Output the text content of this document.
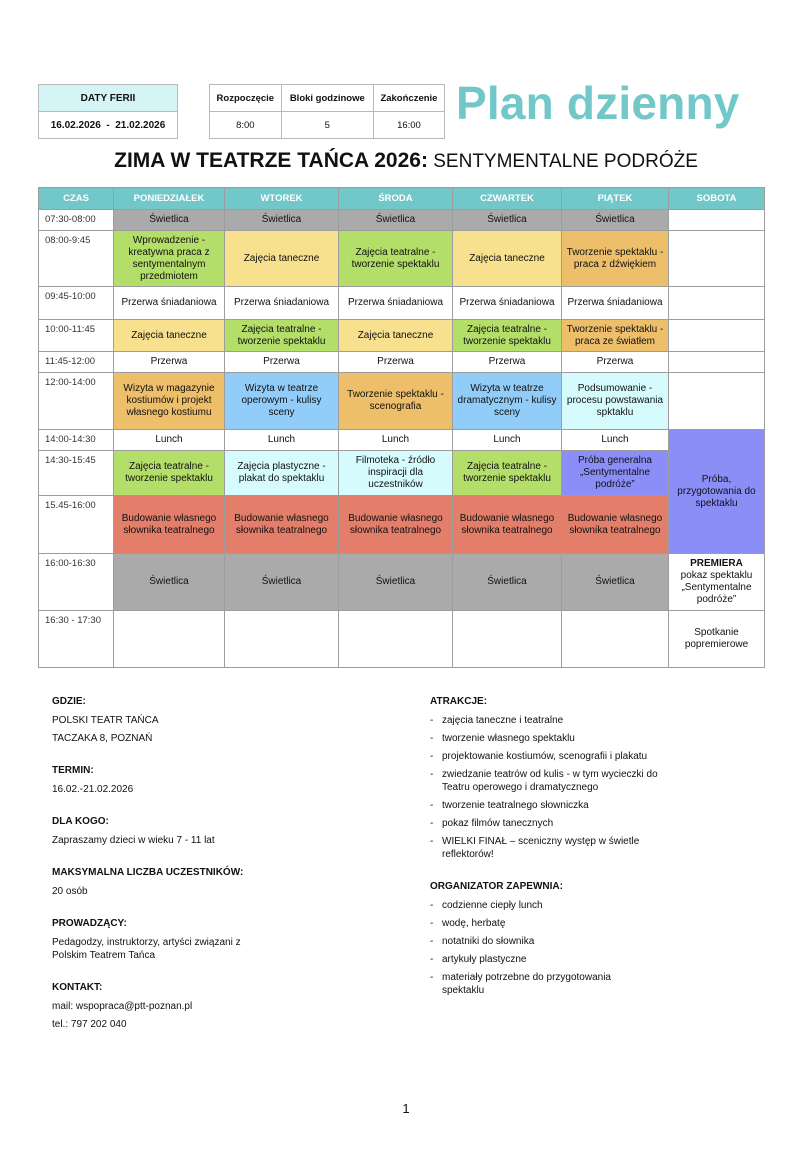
DATY FERII
16.02.2026 - 21.02.2026
Rozpoczęcie	Bloki godzinowe	Zakończenie
8:00	5	16:00 Plan dzienny
ZIMA W TEATRZE TAŃCA 2026: SENTYMENTALNE PODRÓŻE
CZAS	PONIEDZIAŁEK	WTOREK	ŚRODA	CZWARTEK	PIĄTEK	SOBOTA
07:30-08:00	Świetlica	Świetlica	Świetlica	Świetlica	Świetlica	
08:00-9:45	Wprowadzenie - kreatywna praca z sentymentalnym przedmiotem	Zajęcia taneczne	Zajęcia teatralne - tworzenie spektaklu	Zajęcia taneczne	Tworzenie spektaklu - praca z dźwiękiem	
09:45-10:00	Przerwa śniadaniowa	Przerwa śniadaniowa	Przerwa śniadaniowa	Przerwa śniadaniowa	Przerwa śniadaniowa	
10:00-11:45	Zajęcia taneczne	Zajęcia teatralne - tworzenie spektaklu	Zajęcia taneczne	Zajęcia teatralne - tworzenie spektaklu	Tworzenie spektaklu - praca ze światłem	
11:45-12:00	Przerwa	Przerwa	Przerwa	Przerwa	Przerwa	
12:00-14:00	Wizyta w magazynie kostiumów i projekt własnego kostiumu	Wizyta w teatrze operowym - kulisy sceny	Tworzenie spektaklu - scenografia	Wizyta w teatrze dramatycznym - kulisy sceny	Podsumowanie - procesu powstawania spktaklu	
14:00-14:30	Lunch	Lunch	Lunch	Lunch	Lunch	Próba, przygotowania do spektaklu
14:30-15:45	Zajęcia teatralne - tworzenie spektaklu	Zajęcia plastyczne - plakat do spektaklu	Filmoteka - źródło inspiracji dla uczestników	Zajęcia teatralne - tworzenie spektaklu	Próba generalna „Sentymentalne podróże”	
15.45-16:00	Budowanie własnego słownika teatralnego	Budowanie własnego słownika teatralnego	Budowanie własnego słownika teatralnego	Budowanie własnego słownika teatralnego	Budowanie własnego słownika teatralnego	
16:00-16:30	Świetlica	Świetlica	Świetlica	Świetlica	Świetlica	PREMIERA
pokaz spektaklu „Sentymentalne podróże”

16:30 - 17:30						Spotkanie popremierowe
GDZIE:
POLSKI TEATR TAŃCA
TACZAKA 8, POZNAŃ
TERMIN:
16.02.-21.02.2026
DLA KOGO:
Zapraszamy dzieci w wieku 7 - 11 lat
MAKSYMALNA LICZBA UCZESTNIKÓW:
20 osób
PROWADZĄCY:
Pedagodzy, instruktorzy, artyści związani z Polskim Teatrem Tańca
KONTAKT:
mail: wspopraca@ptt-poznan.pl
tel.: 797 202 040
ATRAKCJE:
- zajęcia taneczne i teatralne
- tworzenie własnego spektaklu
- projektowanie kostiumów, scenografii i plakatu
- zwiedzanie teatrów od kulis - w tym wycieczki do Teatru operowego i dramatycznego
- tworzenie teatralnego słowniczka
- pokaz filmów tanecznych
- WIELKI FINAŁ – sceniczny występ w świetle reflektorów!
ORGANIZATOR ZAPEWNIA:
- codzienne ciepły lunch
- wodę, herbatę
- notatniki do słownika
- artykuły plastyczne
- materiały potrzebne do przygotowania spektaklu
1
